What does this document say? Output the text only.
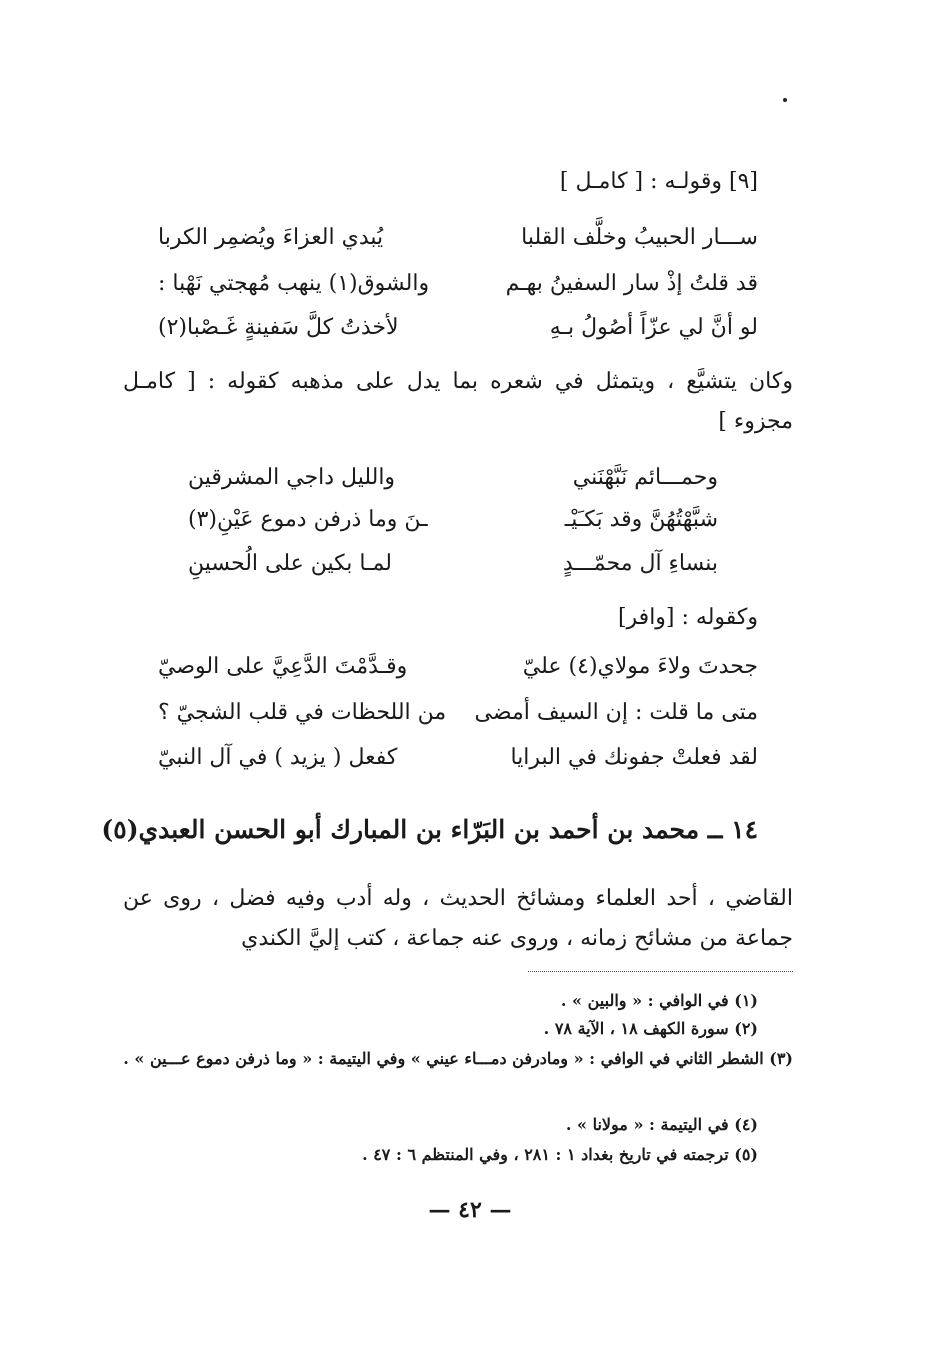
[٩] وقولـه : [ كامـل ]
ســـار الحبيبُ وخلَّف القلبا
يُبدي العزاءَ ويُضمِر الكربا
قد قلتُ إذْ سار السفينُ بهـم
والشوق(١) ينهب مُهجتي نَهْبا :
لو أنَّ لي عزّاً أصُولُ بـهِ
لأخذتُ كلَّ سَفينةٍ غَـصْبا(٢)
وكان يتشيَّع ، ويتمثل في شعره بما يدل على مذهبه كقوله : [ كامـل مجزوء ]
وحمـــائم نَبَّهْنَني
والليل داجي المشرقين
شبَّهْتُهُنَّ وقد بَكـَيْـ
ـنَ وما ذرفن دموع عَيْنِ(٣)
بنساءِ آل محمّـــدٍ
لمـا بكين على الُحسينِ
وكقوله : [وافر]
جحدتَ ولاءَ مولاي(٤) عليّ
وقـدَّمْتَ الدَّعِيَّ على الوصيّ
متى ما قلت : إن السيف أمضى
من اللحظات في قلب الشجيّ ؟
لقد فعلتْ جفونك في البرايا
كفعل ( يزيد ) في آل النبيّ
١٤ ــ محمد بن أحمد بن البَرّاء بن المبارك أبو الحسن العبدي(٥)
القاضي ، أحد العلماء ومشائخ الحديث ، وله أدب وفيه فضل ، روى عن جماعة من مشائح زمانه ، وروى عنه جماعة ، كتب إليَّ الكندي
(١) في الوافي : « والبين » .
(٢) سورة الكهف ١٨ ، الآية ٧٨ .
(٣) الشطر الثاني في الوافي : « ومادرفن دمـــاء عيني » وفي اليتيمة : « وما ذرفن دموع عـــين » .
(٤) في اليتيمة : « مولانا » .
(٥) ترجمته في تاريخ بغداد ١ : ٢٨١ ، وفي المنتظم ٦ : ٤٧ .
— ٤٢ —
